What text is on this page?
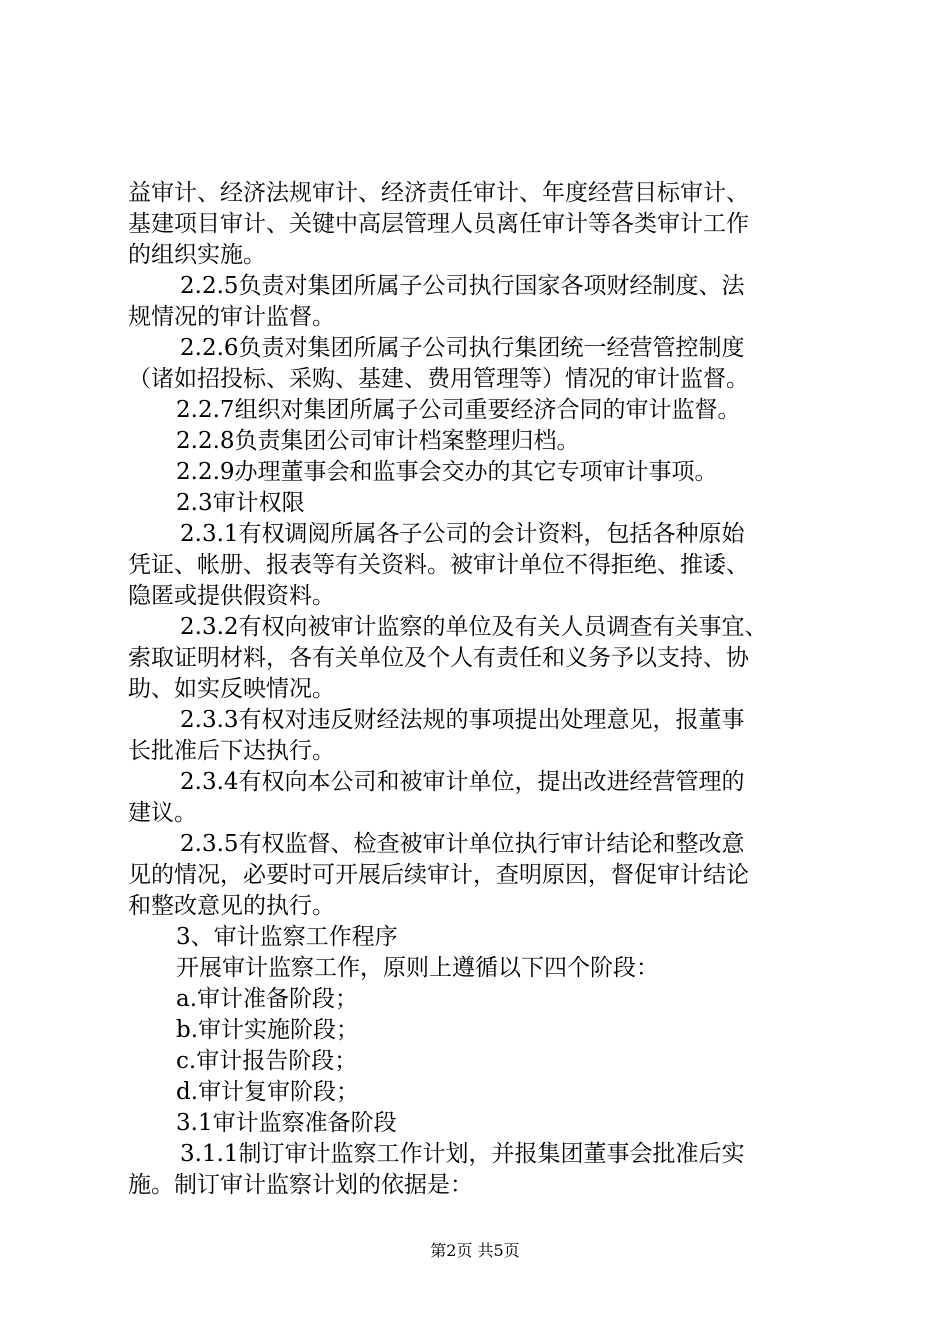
益审计、经济法规审计、经济责任审计、年度经营目标审计、
基建项目审计、关键中高层管理人员离任审计等各类审计工作
的组织实施。
2.2.5负责对集团所属子公司执行国家各项财经制度、法
规情况的审计监督。
2.2.6负责对集团所属子公司执行集团统一经营管控制度
（诸如招投标、采购、基建、费用管理等）情况的审计监督。
2.2.7组织对集团所属子公司重要经济合同的审计监督。
2.2.8负责集团公司审计档案整理归档。
2.2.9办理董事会和监事会交办的其它专项审计事项。
2.3审计权限
2.3.1有权调阅所属各子公司的会计资料，包括各种原始
凭证、帐册、报表等有关资料。被审计单位不得拒绝、推诿、
隐匿或提供假资料。
2.3.2有权向被审计监察的单位及有关人员调查有关事宜、
索取证明材料，各有关单位及个人有责任和义务予以支持、协
助、如实反映情况。
2.3.3有权对违反财经法规的事项提出处理意见，报董事
长批准后下达执行。
2.3.4有权向本公司和被审计单位，提出改进经营管理的
建议。
2.3.5有权监督、检查被审计单位执行审计结论和整改意
见的情况，必要时可开展后续审计，查明原因，督促审计结论
和整改意见的执行。
3、审计监察工作程序
开展审计监察工作，原则上遵循以下四个阶段：
a.审计准备阶段；
b.审计实施阶段；
c.审计报告阶段；
d.审计复审阶段；
3.1审计监察准备阶段
3.1.1制订审计监察工作计划，并报集团董事会批准后实
施。制订审计监察计划的依据是：
第2页 共5页
